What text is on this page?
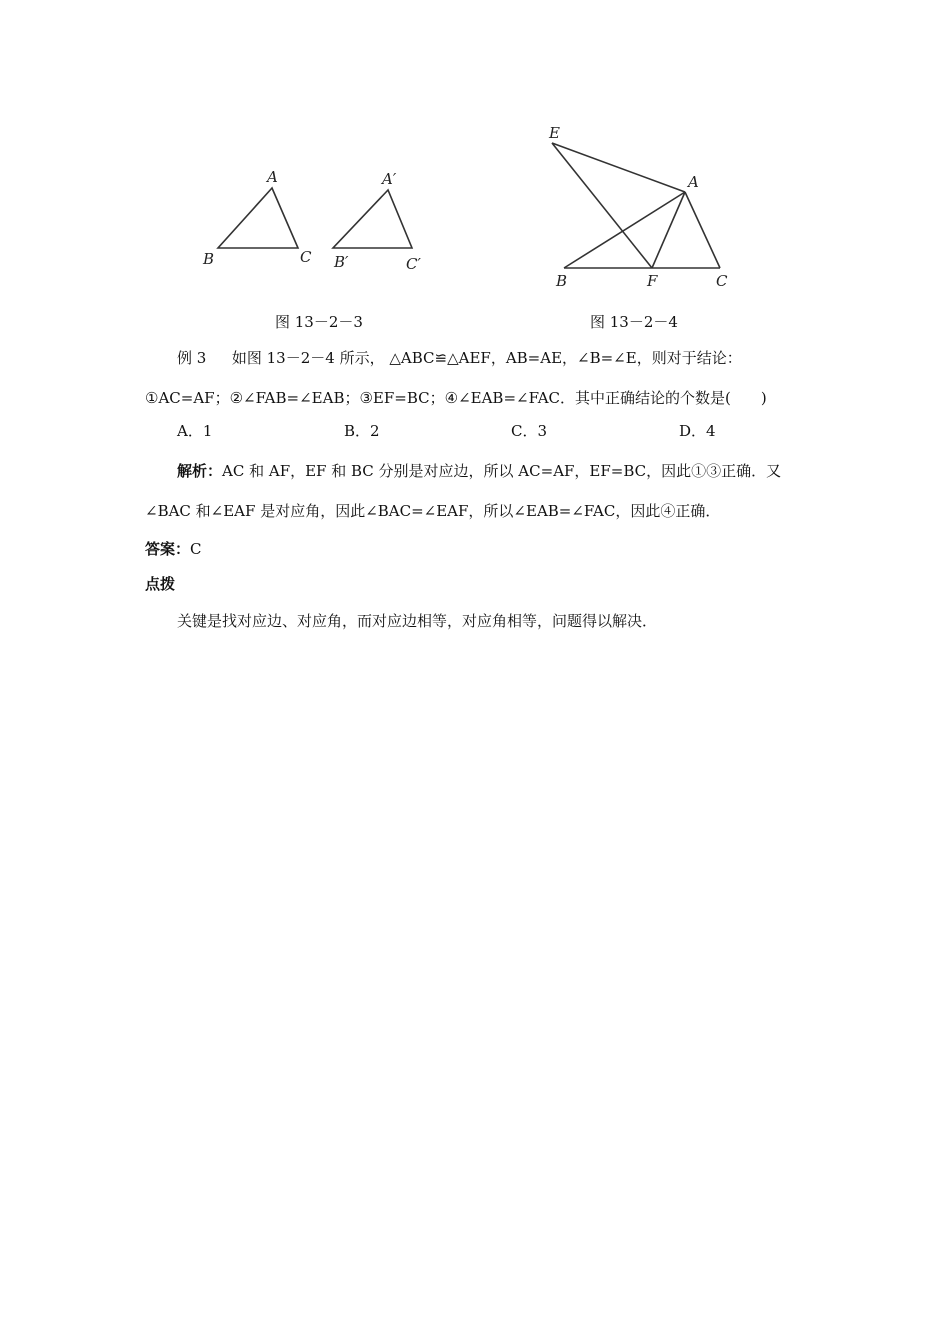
A
B	C
A′
B′	C′
图 13－2－3
E
A
B	F	C
图 13－2－4
例 3 如图 13－2－4 所示， △ABC≌△AEF，AB=AE，∠B=∠E，则对于结论：
①AC=AF；②∠FAB=∠EAB；③EF=BC；④∠EAB=∠FAC．其中正确结论的个数是(　　)
A．1	B．2	C．3	D．4
解析：AC 和 AF，EF 和 BC 分别是对应边，所以 AC=AF，EF=BC，因此①③正确．又
∠BAC 和∠EAF 是对应角，因此∠BAC=∠EAF，所以∠EAB=∠FAC，因此④正确．
答案：C
点拨
关键是找对应边、对应角，而对应边相等，对应角相等，问题得以解决．
